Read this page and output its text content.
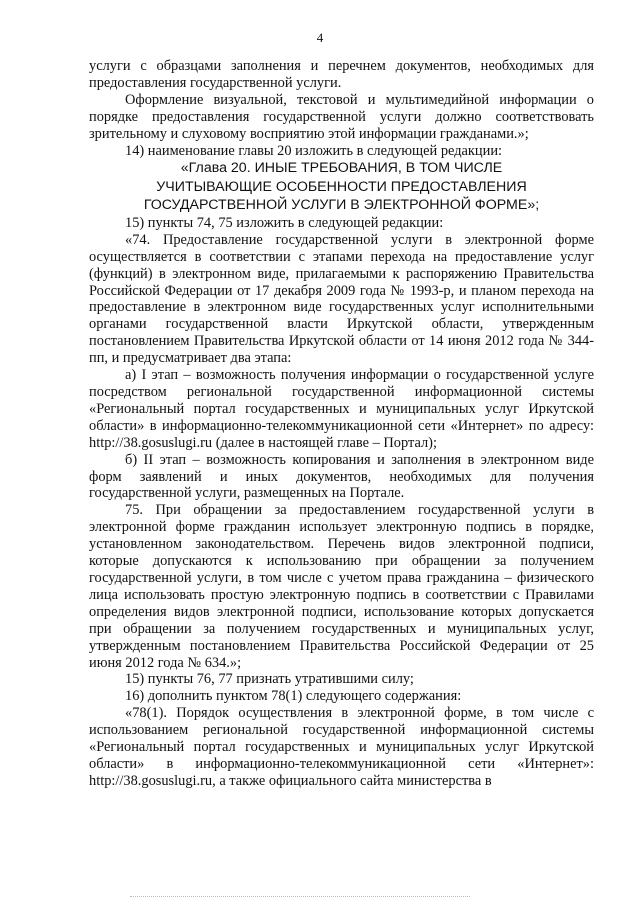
4

услуги с образцами заполнения и перечнем документов, необходимых для предоставления государственной услуги.

Оформление визуальной, текстовой и мультимедийной информации о порядке предоставления государственной услуги должно соответствовать зрительному и слуховому восприятию этой информации гражданами.»;

14) наименование главы 20 изложить в следующей редакции:

«Глава 20. ИНЫЕ ТРЕБОВАНИЯ, В ТОМ ЧИСЛЕ
УЧИТЫВАЮЩИЕ ОСОБЕННОСТИ ПРЕДОСТАВЛЕНИЯ
ГОСУДАРСТВЕННОЙ УСЛУГИ В ЭЛЕКТРОННОЙ ФОРМЕ»;

15) пункты 74, 75 изложить в следующей редакции:

«74. Предоставление государственной услуги в электронной форме осуществляется в соответствии с этапами перехода на предоставление услуг (функций) в электронном виде, прилагаемыми к распоряжению Правительства Российской Федерации от 17 декабря 2009 года № 1993-р, и планом перехода на предоставление в электронном виде государственных услуг исполнительными органами государственной власти Иркутской области, утвержденным постановлением Правительства Иркутской области от 14 июня 2012 года № 344-пп, и предусматривает два этапа:

а) I этап – возможность получения информации о государственной услуге посредством региональной государственной информационной системы «Региональный портал государственных и муниципальных услуг Иркутской области» в информационно-телекоммуникационной сети «Интернет» по адресу: http://38.gosuslugi.ru (далее в настоящей главе – Портал);

б) II этап – возможность копирования и заполнения в электронном виде форм заявлений и иных документов, необходимых для получения государственной услуги, размещенных на Портале.

75. При обращении за предоставлением государственной услуги в электронной форме гражданин использует электронную подпись в порядке, установленном законодательством. Перечень видов электронной подписи, которые допускаются к использованию при обращении за получением государственной услуги, в том числе с учетом права гражданина – физического лица использовать простую электронную подпись в соответствии с Правилами определения видов электронной подписи, использование которых допускается при обращении за получением государственных и муниципальных услуг, утвержденным постановлением Правительства Российской Федерации от 25 июня 2012 года № 634.»;

15) пункты 76, 77 признать утратившими силу;

16) дополнить пунктом 78(1) следующего содержания:

«78(1). Порядок осуществления в электронной форме, в том числе с использованием региональной государственной информационной системы «Региональный портал государственных и муниципальных услуг Иркутской области» в информационно-телекоммуникационной сети «Интернет»: http://38.gosuslugi.ru, а также официального сайта министерства в
